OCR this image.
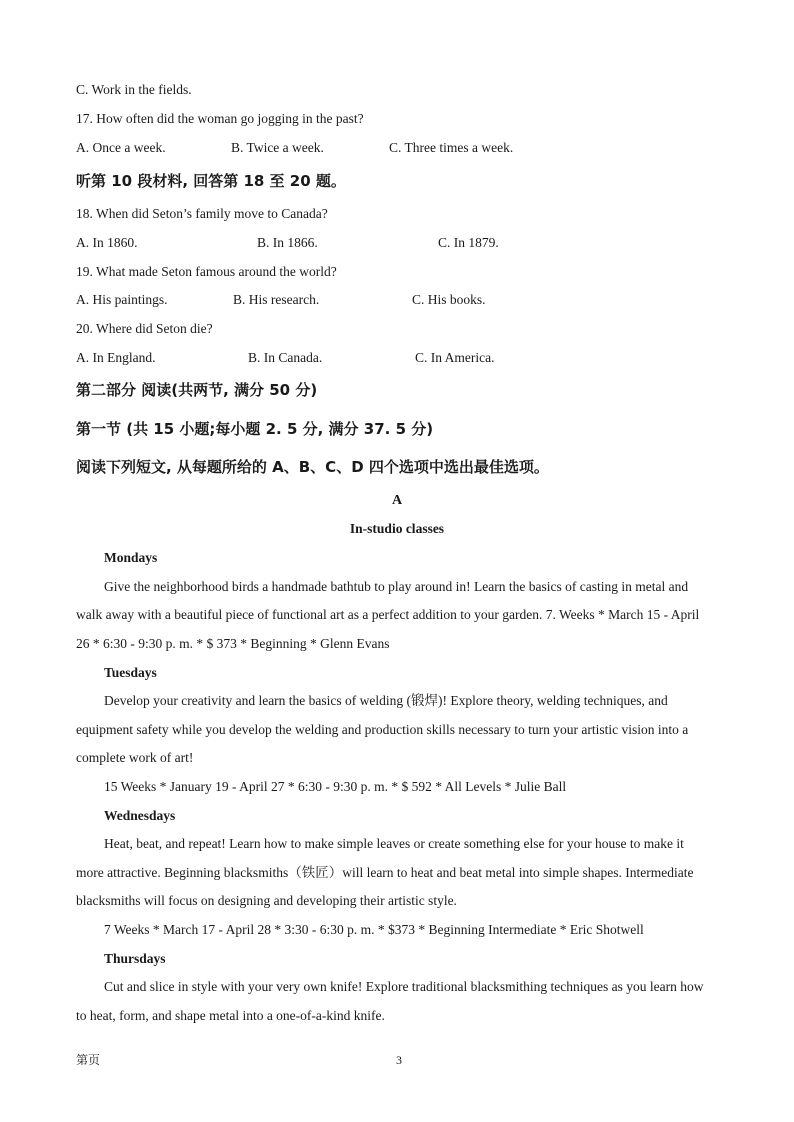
C. Work in the fields.
17. How often did the woman go jogging in the past?
A. Once a week.	B. Twice a week.	C. Three times a week.
听第 10 段材料, 回答第 18 至 20 题。
18. When did Seton’s family move to Canada?
A. In 1860.	B. In 1866.	C. In 1879.
19. What made Seton famous around the world?
A. His paintings.	B. His research.	C. His books.
20. Where did Seton die?
A. In England.	B. In Canada.	C. In America.
第二部分 阅读(共两节, 满分 50 分)
第一节 (共 15 小题;每小题 2. 5 分, 满分 37. 5 分)
阅读下列短文, 从每题所给的 A、B、C、D 四个选项中选出最佳选项。
A
In-studio classes
Mondays
Give the neighborhood birds a handmade bathtub to play around in! Learn the basics of casting in metal and
walk away with a beautiful piece of functional art as a perfect addition to your garden. 7. Weeks * March 15 - April
26 * 6:30 - 9:30 p. m. * $ 373 * Beginning * Glenn Evans
Tuesdays
Develop your creativity and learn the basics of welding (锻焊)! Explore theory, welding techniques, and
equipment safety while you develop the welding and production skills necessary to turn your artistic vision into a
complete work of art!
15 Weeks * January 19 - April 27 * 6:30 - 9:30 p. m. * $ 592 * All Levels * Julie Ball
Wednesdays
Heat, beat, and repeat! Learn how to make simple leaves or create something else for your house to make it
more attractive. Beginning blacksmiths（铁匠）will learn to heat and beat metal into simple shapes. Intermediate
blacksmiths will focus on designing and developing their artistic style.
7 Weeks * March 17 - April 28 * 3:30 - 6:30 p. m. * $373 * Beginning Intermediate * Eric Shotwell
Thursdays
Cut and slice in style with your very own knife! Explore traditional blacksmithing techniques as you learn how
to heat, form, and shape metal into a one-of-a-kind knife.
第页	3
